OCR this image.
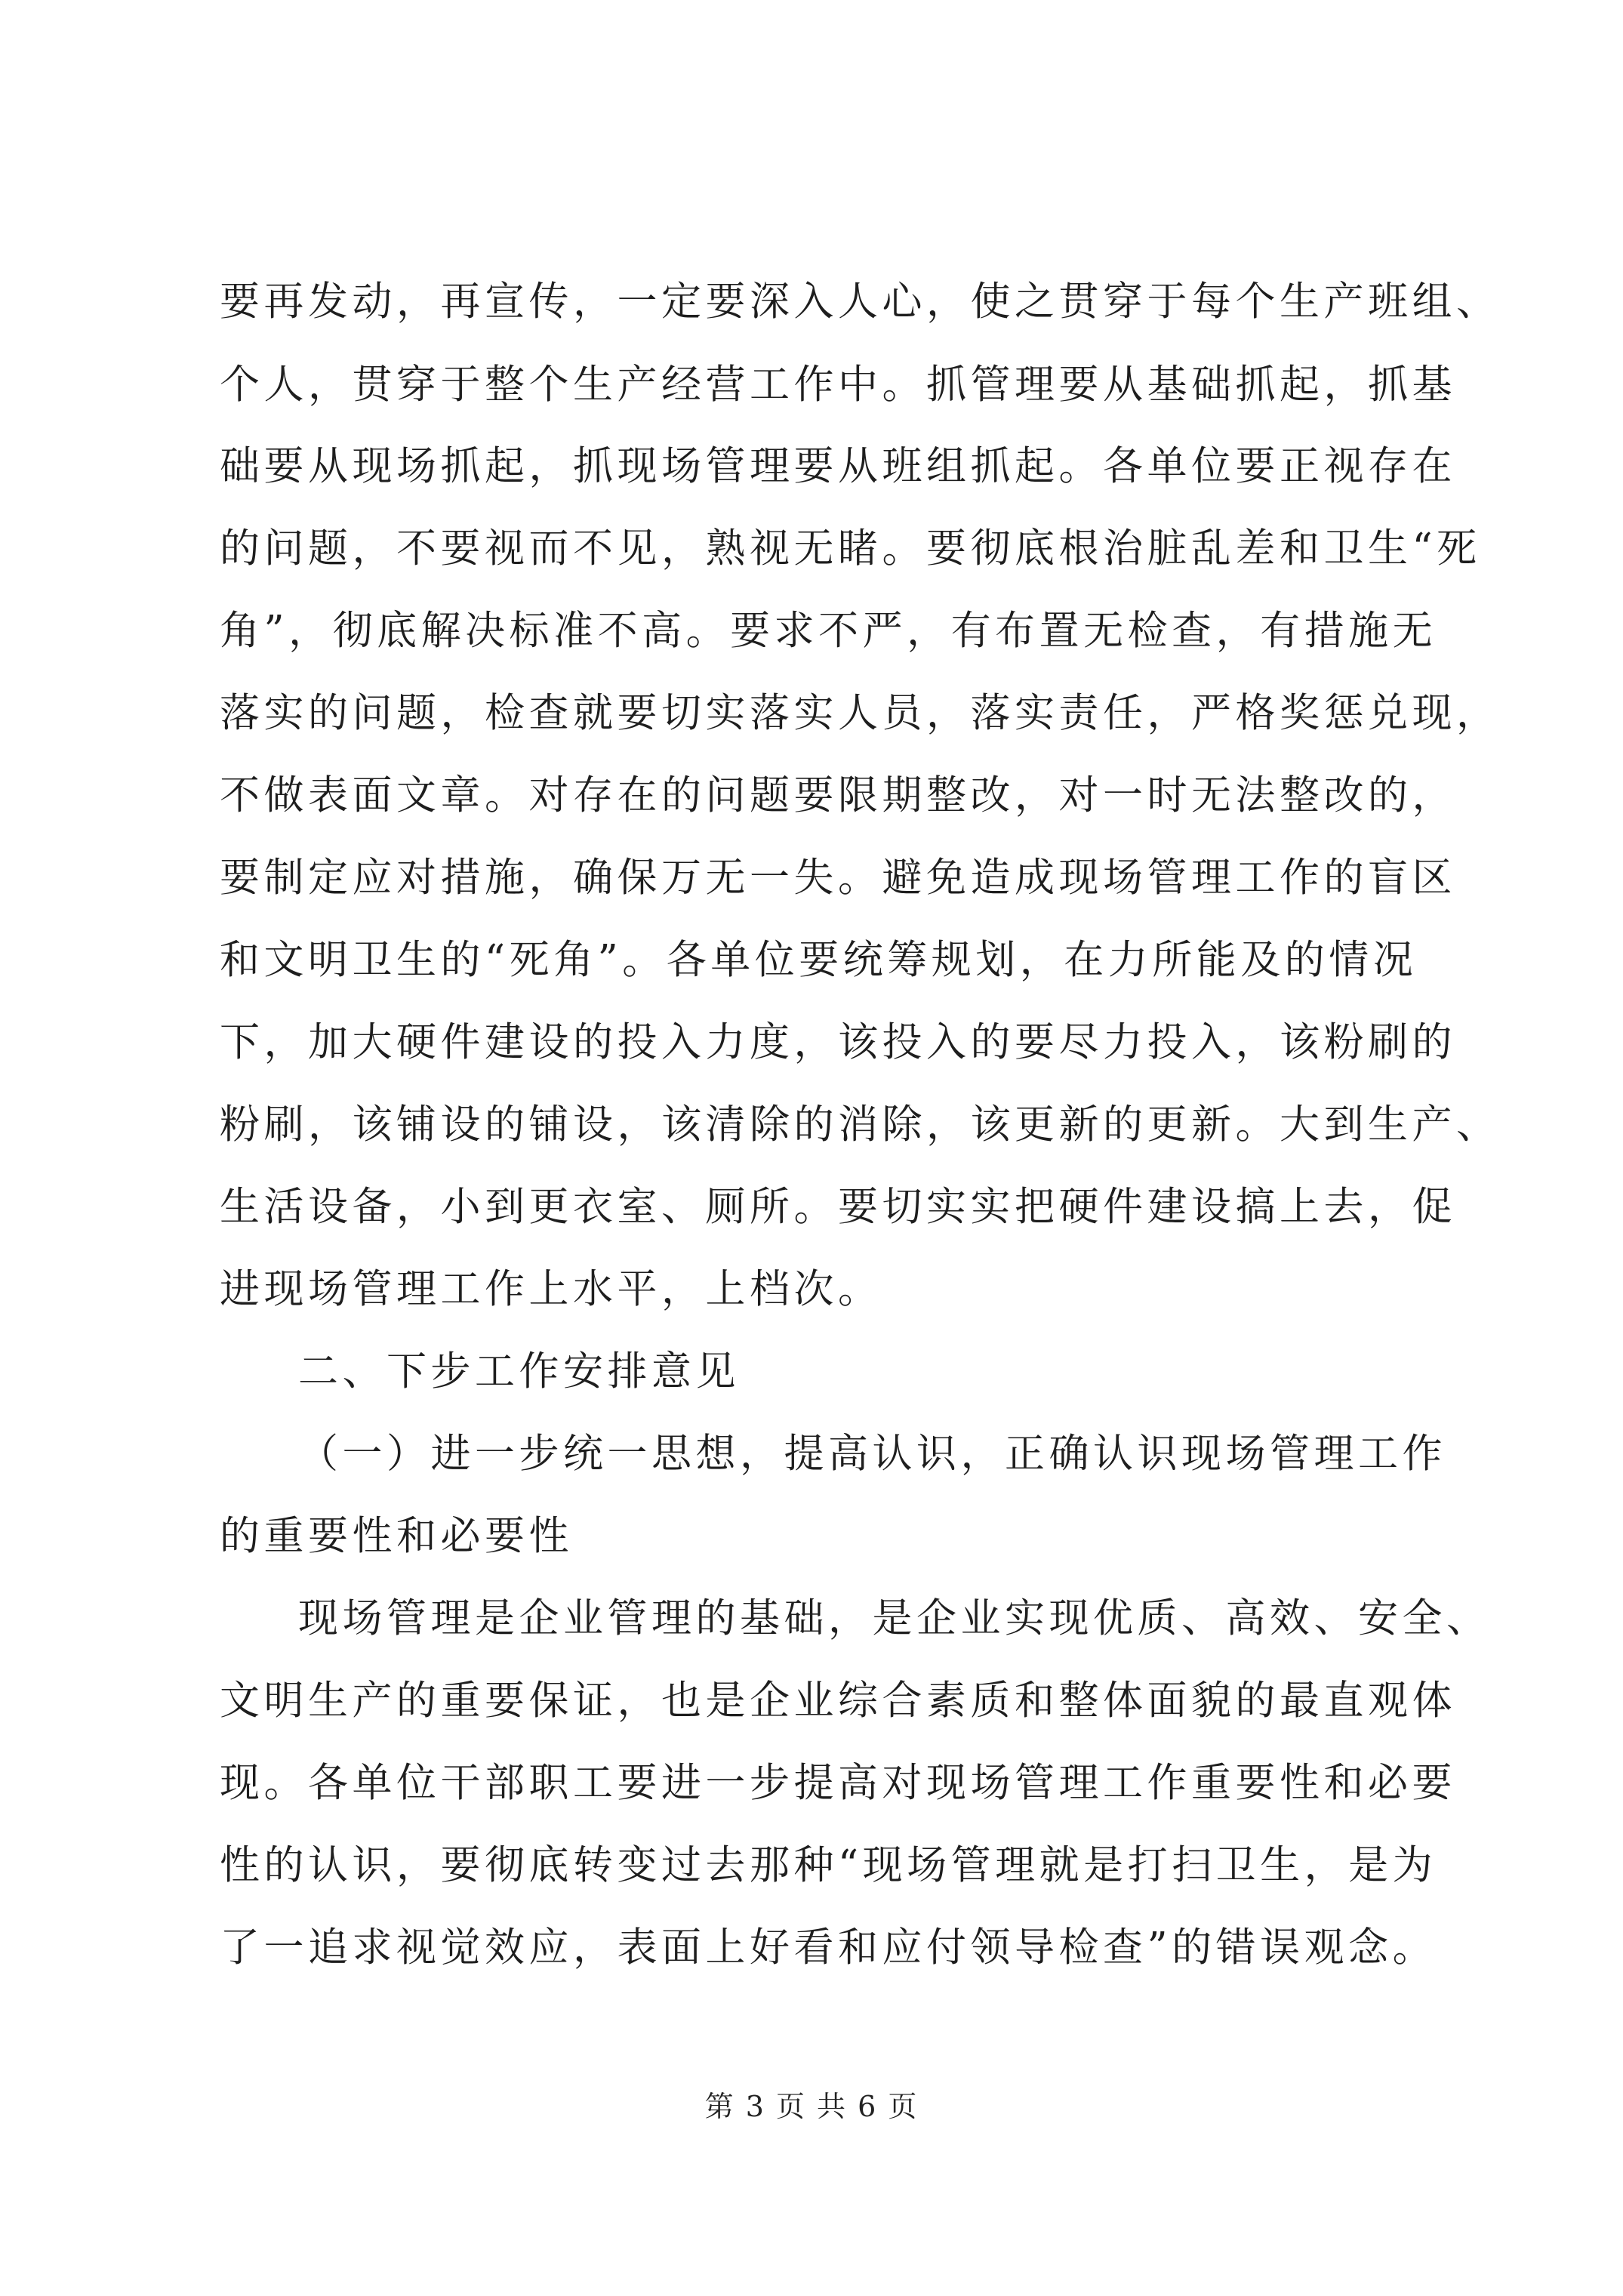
要再发动，再宣传，一定要深入人心，使之贯穿于每个生产班组、
个人，贯穿于整个生产经营工作中。抓管理要从基础抓起，抓基
础要从现场抓起，抓现场管理要从班组抓起。各单位要正视存在
的问题，不要视而不见，熟视无睹。要彻底根治脏乱差和卫生“死
角”，彻底解决标准不高。要求不严，有布置无检查，有措施无
落实的问题，检查就要切实落实人员，落实责任，严格奖惩兑现，
不做表面文章。对存在的问题要限期整改，对一时无法整改的，
要制定应对措施，确保万无一失。避免造成现场管理工作的盲区
和文明卫生的“死角”。各单位要统筹规划，在力所能及的情况
下，加大硬件建设的投入力度，该投入的要尽力投入，该粉刷的
粉刷，该铺设的铺设，该清除的消除，该更新的更新。大到生产、
生活设备，小到更衣室、厕所。要切实实把硬件建设搞上去，促
进现场管理工作上水平，上档次。
二、下步工作安排意见
（一）进一步统一思想，提高认识，正确认识现场管理工作
的重要性和必要性
现场管理是企业管理的基础，是企业实现优质、高效、安全、
文明生产的重要保证，也是企业综合素质和整体面貌的最直观体
现。各单位干部职工要进一步提高对现场管理工作重要性和必要
性的认识，要彻底转变过去那种“现场管理就是打扫卫生，是为
了一追求视觉效应，表面上好看和应付领导检查”的错误观念。
第 3 页 共 6 页
